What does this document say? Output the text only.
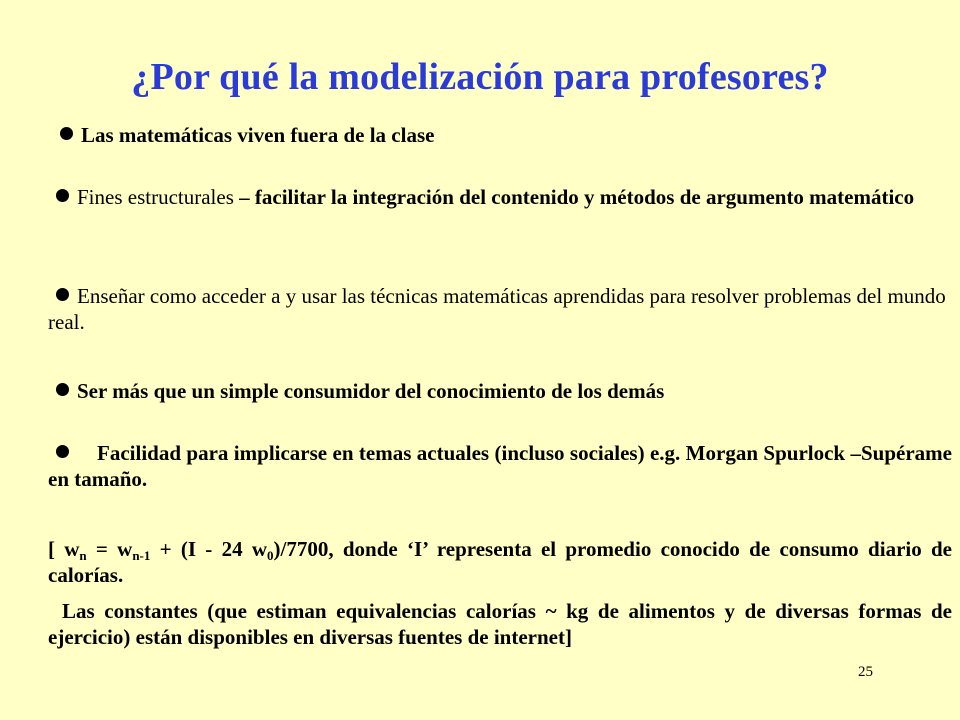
¿Por qué la modelización para profesores?

Las matemáticas viven fuera de la clase

Fines estructurales – facilitar la integración del contenido y métodos de argumento matemático

Enseñar como acceder a y usar las técnicas matemáticas aprendidas para resolver problemas del mundo real.

Ser más que un simple consumidor del conocimiento de los demás

Facilidad para implicarse en temas actuales (incluso sociales) e.g. Morgan Spurlock –Supérame en tamaño.

[ $w_n = w_{n-1} + (I - 24$ $w_0)/7700$, donde ‘I’ representa el promedio conocido de consumo diario de calorías.

Las constantes (que estiman equivalencias calorías ~ kg de alimentos y de diversas formas de ejercicio) están disponibles en diversas fuentes de internet]

25
